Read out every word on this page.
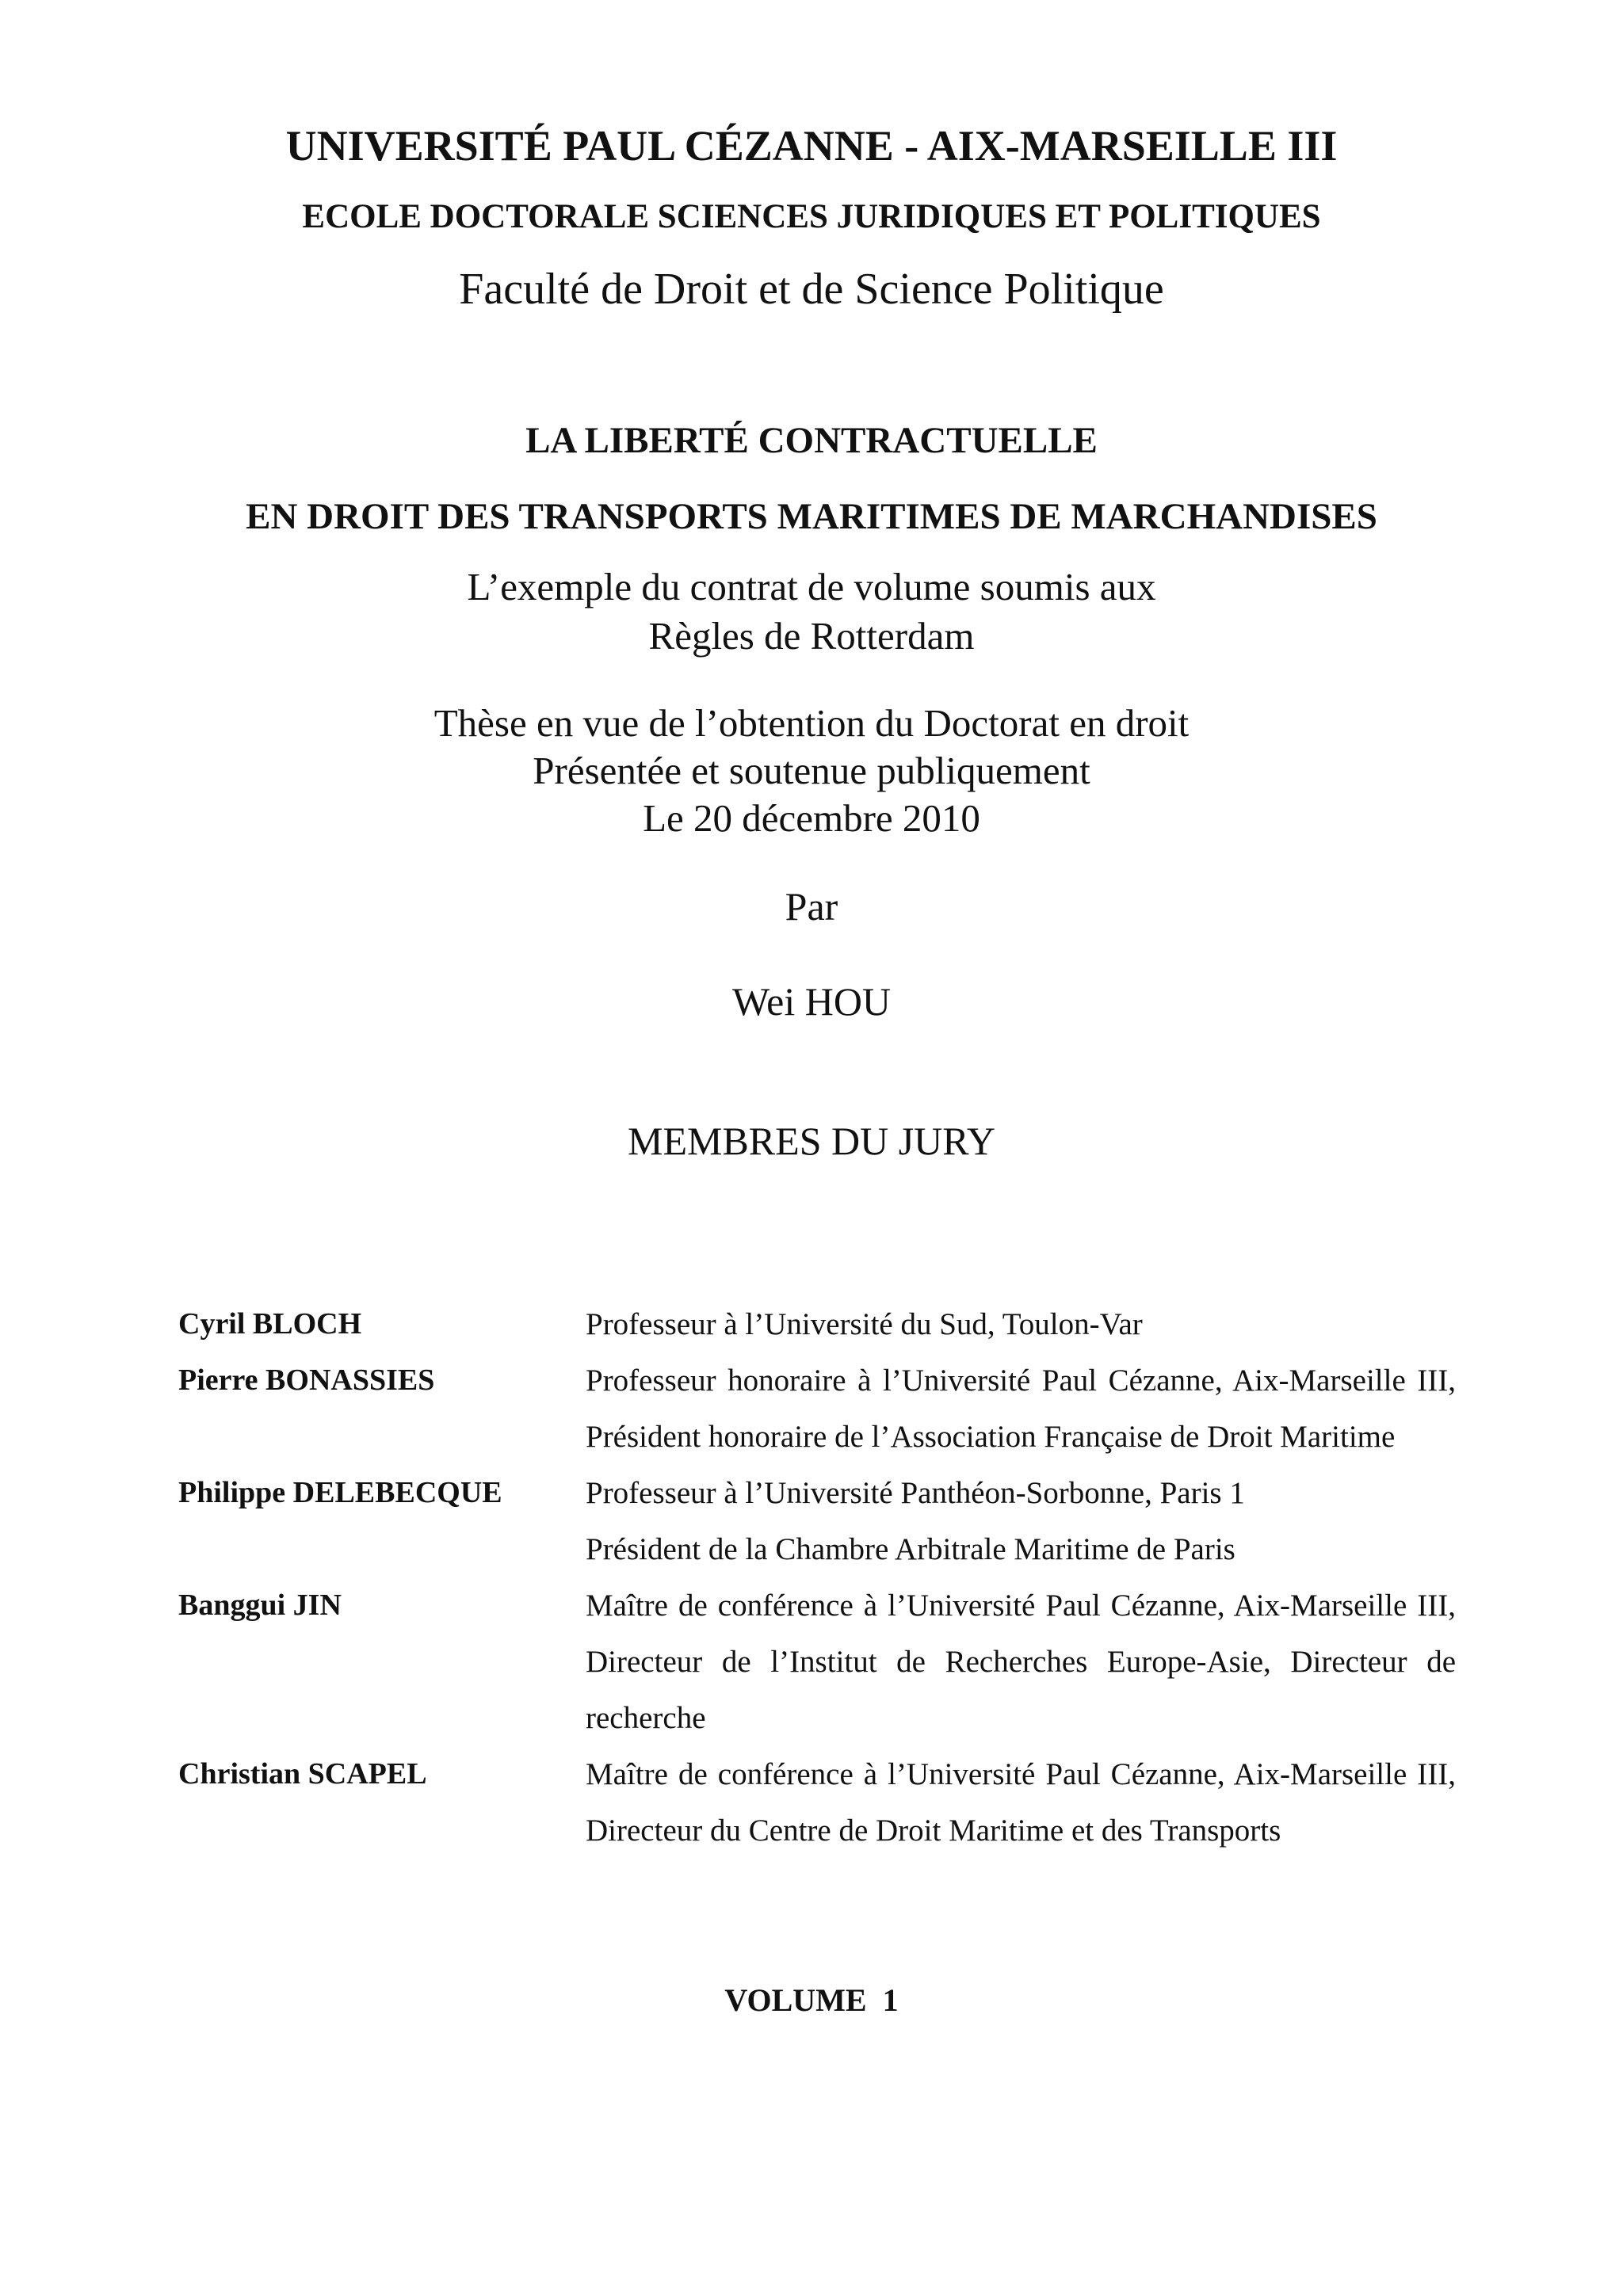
UNIVERSITÉ PAUL CÉZANNE - AIX-MARSEILLE III
ECOLE DOCTORALE SCIENCES JURIDIQUES ET POLITIQUES
Faculté de Droit et de Science Politique
LA LIBERTÉ CONTRACTUELLE
EN DROIT DES TRANSPORTS MARITIMES DE MARCHANDISES
L’exemple du contrat de volume soumis aux
Règles de Rotterdam
Thèse en vue de l’obtention du Doctorat en droit
Présentée et soutenue publiquement
Le 20 décembre 2010
Par
Wei HOU
MEMBRES DU JURY
Cyril BLOCH	Professeur à l’Université du Sud, Toulon-Var
Pierre BONASSIES	Professeur honoraire à l’Université Paul Cézanne, Aix-Marseille III, Président honoraire de l’Association Française de Droit Maritime
Philippe DELEBECQUE	Professeur à l’Université Panthéon-Sorbonne, Paris 1
Président de la Chambre Arbitrale Maritime de Paris
Banggui JIN	Maître de conférence à l’Université Paul Cézanne, Aix-Marseille III, Directeur de l’Institut de Recherches Europe-Asie, Directeur de recherche
Christian SCAPEL	Maître de conférence à l’Université Paul Cézanne, Aix-Marseille III, Directeur du Centre de Droit Maritime et des Transports
VOLUME 1
